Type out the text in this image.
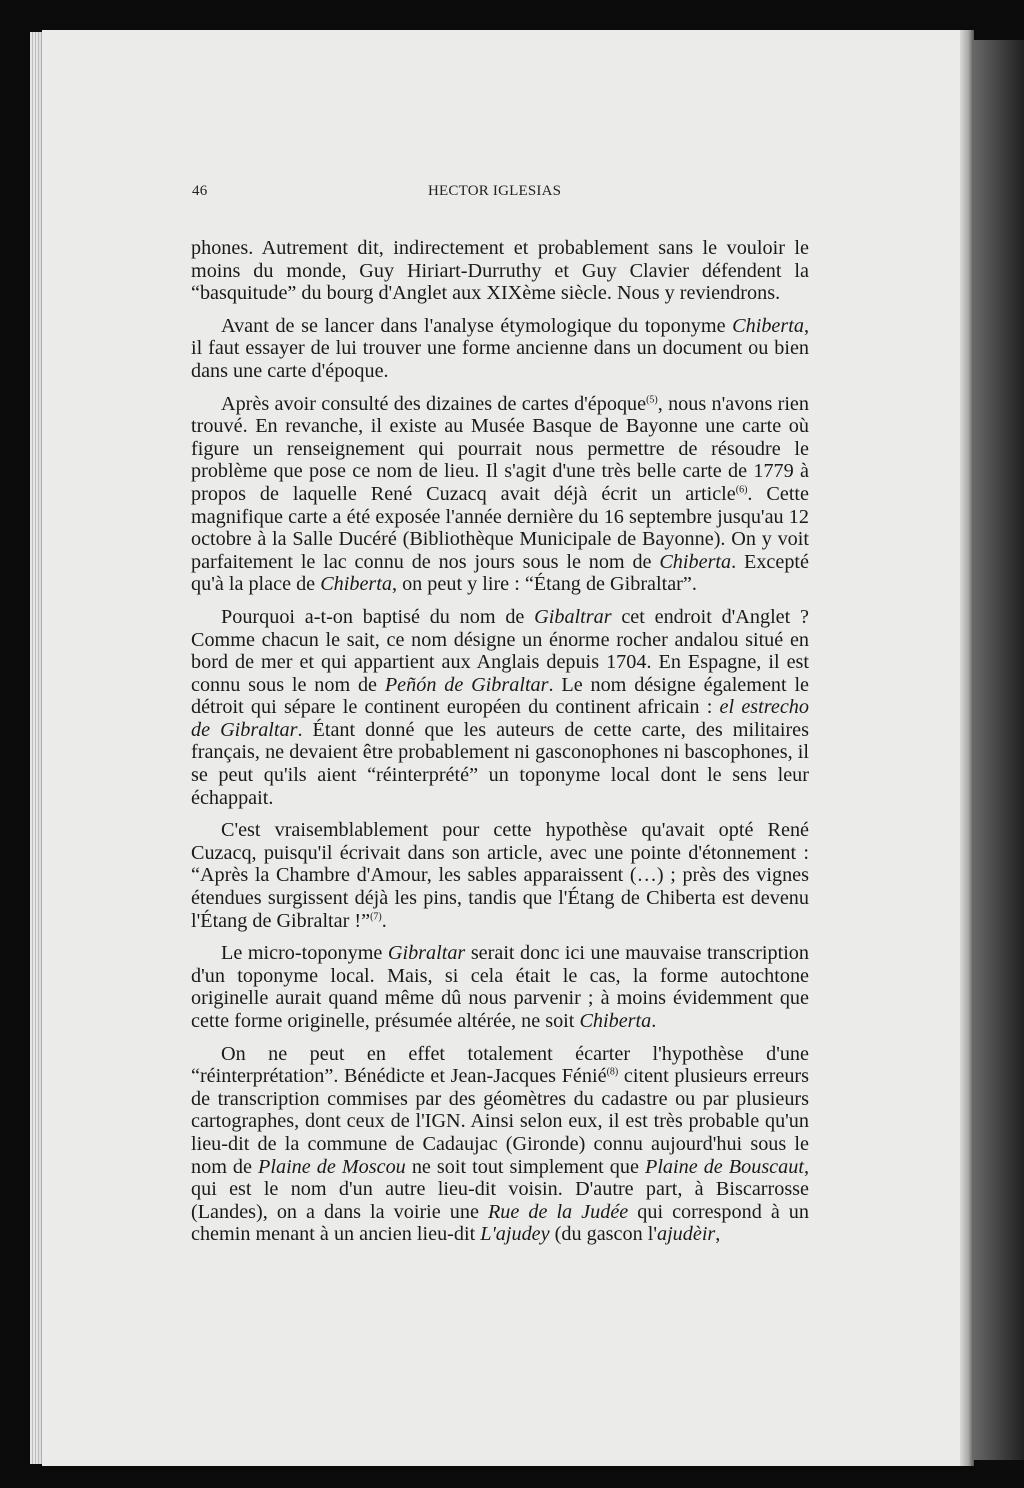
46	HECTOR IGLESIAS

phones. Autrement dit, indirectement et probablement sans le vouloir le moins du monde, Guy Hiriart-Durruthy et Guy Clavier défendent la “basquitude” du bourg d'Anglet aux XIXème siècle. Nous y reviendrons.

Avant de se lancer dans l'analyse étymologique du toponyme Chiberta, il faut essayer de lui trouver une forme ancienne dans un document ou bien dans une carte d'époque.

Après avoir consulté des dizaines de cartes d'époque$^{(5)}$, nous n'avons rien trouvé. En revanche, il existe au Musée Basque de Bayonne une carte où figure un renseignement qui pourrait nous permettre de résoudre le problème que pose ce nom de lieu. Il s'agit d'une très belle carte de 1779 à propos de laquelle René Cuzacq avait déjà écrit un article$^{(6)}$. Cette magnifique carte a été exposée l'année dernière du 16 septembre jusqu'au 12 octobre à la Salle Ducéré (Bibliothèque Municipale de Bayonne). On y voit parfaitement le lac connu de nos jours sous le nom de Chiberta. Excepté qu'à la place de Chiberta, on peut y lire : “Étang de Gibraltar”.

Pourquoi a-t-on baptisé du nom de Gibaltrar cet endroit d'Anglet ? Comme chacun le sait, ce nom désigne un énorme rocher andalou situé en bord de mer et qui appartient aux Anglais depuis 1704. En Espagne, il est connu sous le nom de Peñón de Gibraltar. Le nom désigne également le détroit qui sépare le continent européen du continent africain : el estrecho de Gibraltar. Étant donné que les auteurs de cette carte, des militaires français, ne devaient être probablement ni gasconophones ni bascophones, il se peut qu'ils aient “réinterprété” un toponyme local dont le sens leur échappait.

C'est vraisemblablement pour cette hypothèse qu'avait opté René Cuzacq, puisqu'il écrivait dans son article, avec une pointe d'étonnement : “Après la Chambre d'Amour, les sables apparaissent (…) ; près des vignes étendues surgissent déjà les pins, tandis que l'Étang de Chiberta est devenu l'Étang de Gibraltar !”$^{(7)}$.

Le micro-toponyme Gibraltar serait donc ici une mauvaise transcription d'un toponyme local. Mais, si cela était le cas, la forme autochtone originelle aurait quand même dû nous parvenir ; à moins évidemment que cette forme originelle, présumée altérée, ne soit Chiberta.

On ne peut en effet totalement écarter l'hypothèse d'une “réinterprétation”. Bénédicte et Jean-Jacques Fénié$^{(8)}$ citent plusieurs erreurs de transcription commises par des géomètres du cadastre ou par plusieurs cartographes, dont ceux de l'IGN. Ainsi selon eux, il est très probable qu'un lieu-dit de la commune de Cadaujac (Gironde) connu aujourd'hui sous le nom de Plaine de Moscou ne soit tout simplement que Plaine de Bouscaut, qui est le nom d'un autre lieu-dit voisin. D'autre part, à Biscarrosse (Landes), on a dans la voirie une Rue de la Judée qui correspond à un chemin menant à un ancien lieu-dit L'ajudey (du gascon l'ajudèir,
